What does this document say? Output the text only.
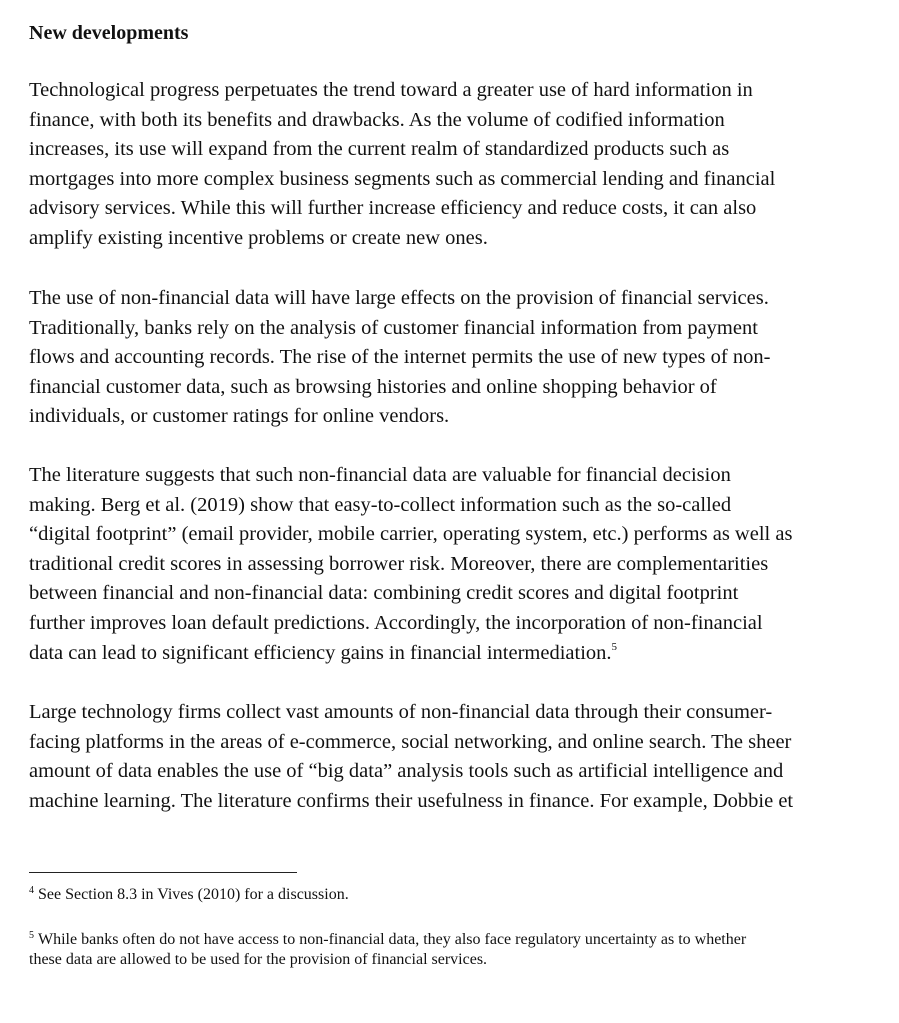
New developments

Technological progress perpetuates the trend toward a greater use of hard information in
finance, with both its benefits and drawbacks. As the volume of codified information
increases, its use will expand from the current realm of standardized products such as
mortgages into more complex business segments such as commercial lending and financial
advisory services. While this will further increase efficiency and reduce costs, it can also
amplify existing incentive problems or create new ones.

The use of non-financial data will have large effects on the provision of financial services.
Traditionally, banks rely on the analysis of customer financial information from payment
flows and accounting records. The rise of the internet permits the use of new types of non-
financial customer data, such as browsing histories and online shopping behavior of
individuals, or customer ratings for online vendors.

The literature suggests that such non-financial data are valuable for financial decision
making. Berg et al. (2019) show that easy-to-collect information such as the so-called
“digital footprint” (email provider, mobile carrier, operating system, etc.) performs as well as
traditional credit scores in assessing borrower risk. Moreover, there are complementarities
between financial and non-financial data: combining credit scores and digital footprint
further improves loan default predictions. Accordingly, the incorporation of non-financial
data can lead to significant efficiency gains in financial intermediation.$^5$

Large technology firms collect vast amounts of non-financial data through their consumer-
facing platforms in the areas of e-commerce, social networking, and online search. The sheer
amount of data enables the use of “big data” analysis tools such as artificial intelligence and
machine learning. The literature confirms their usefulness in finance. For example, Dobbie et

$^4$ See Section 8.3 in Vives (2010) for a discussion.

$^5$ While banks often do not have access to non-financial data, they also face regulatory uncertainty as to whether
these data are allowed to be used for the provision of financial services.
